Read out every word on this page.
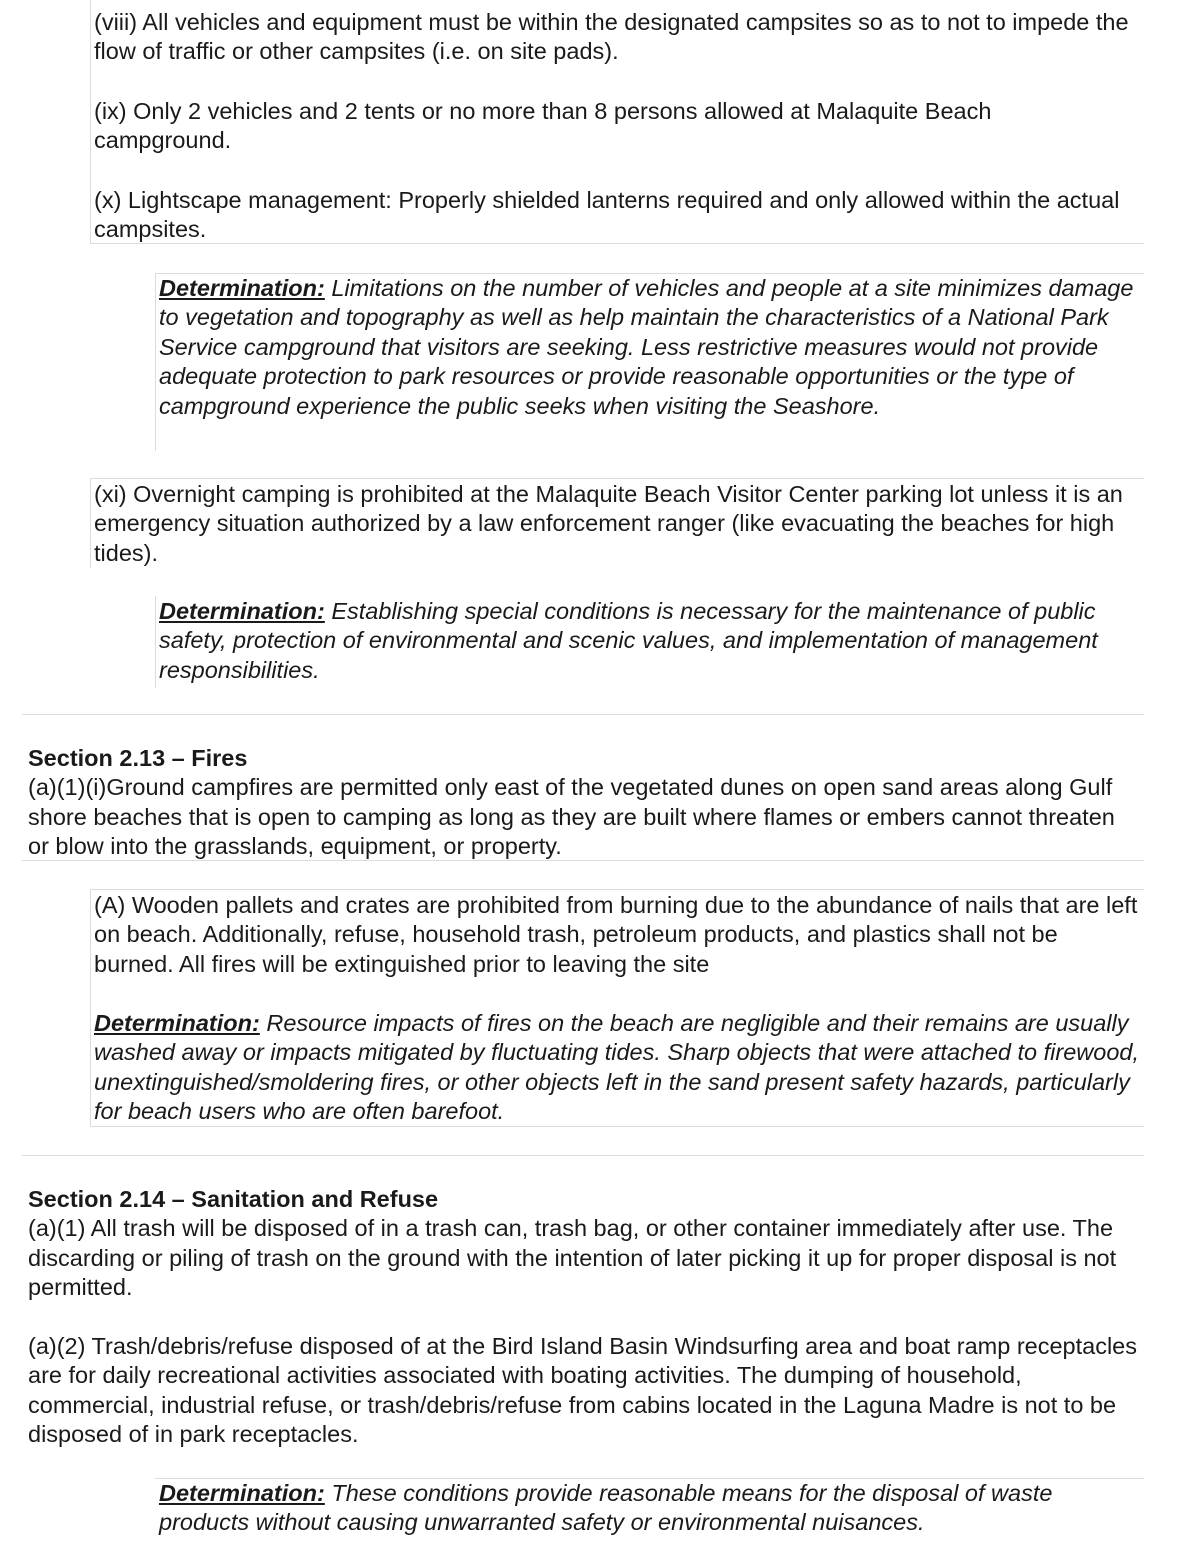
(viii) All vehicles and equipment must be within the designated campsites so as to not to impede the flow of traffic or other campsites (i.e. on site pads).

(ix) Only 2 vehicles and 2 tents or no more than 8 persons allowed at Malaquite Beach campground.

(x) Lightscape management: Properly shielded lanterns required and only allowed within the actual campsites.

Determination: Limitations on the number of vehicles and people at a site minimizes damage to vegetation and topography as well as help maintain the characteristics of a National Park Service campground that visitors are seeking. Less restrictive measures would not provide adequate protection to park resources or provide reasonable opportunities or the type of campground experience the public seeks when visiting the Seashore.

(xi) Overnight camping is prohibited at the Malaquite Beach Visitor Center parking lot unless it is an emergency situation authorized by a law enforcement ranger (like evacuating the beaches for high tides).

Determination: Establishing special conditions is necessary for the maintenance of public safety, protection of environmental and scenic values, and implementation of management responsibilities.

Section 2.13 – Fires

(a)(1)(i)Ground campfires are permitted only east of the vegetated dunes on open sand areas along Gulf shore beaches that is open to camping as long as they are built where flames or embers cannot threaten or blow into the grasslands, equipment, or property.

(A) Wooden pallets and crates are prohibited from burning due to the abundance of nails that are left on beach. Additionally, refuse, household trash, petroleum products, and plastics shall not be burned. All fires will be extinguished prior to leaving the site

Determination: Resource impacts of fires on the beach are negligible and their remains are usually washed away or impacts mitigated by fluctuating tides. Sharp objects that were attached to firewood, unextinguished/smoldering fires, or other objects left in the sand present safety hazards, particularly for beach users who are often barefoot.

Section 2.14 – Sanitation and Refuse

(a)(1) All trash will be disposed of in a trash can, trash bag, or other container immediately after use. The discarding or piling of trash on the ground with the intention of later picking it up for proper disposal is not permitted.

(a)(2) Trash/debris/refuse disposed of at the Bird Island Basin Windsurfing area and boat ramp receptacles are for daily recreational activities associated with boating activities. The dumping of household, commercial, industrial refuse, or trash/debris/refuse from cabins located in the Laguna Madre is not to be disposed of in park receptacles.

Determination: These conditions provide reasonable means for the disposal of waste products without causing unwarranted safety or environmental nuisances.
